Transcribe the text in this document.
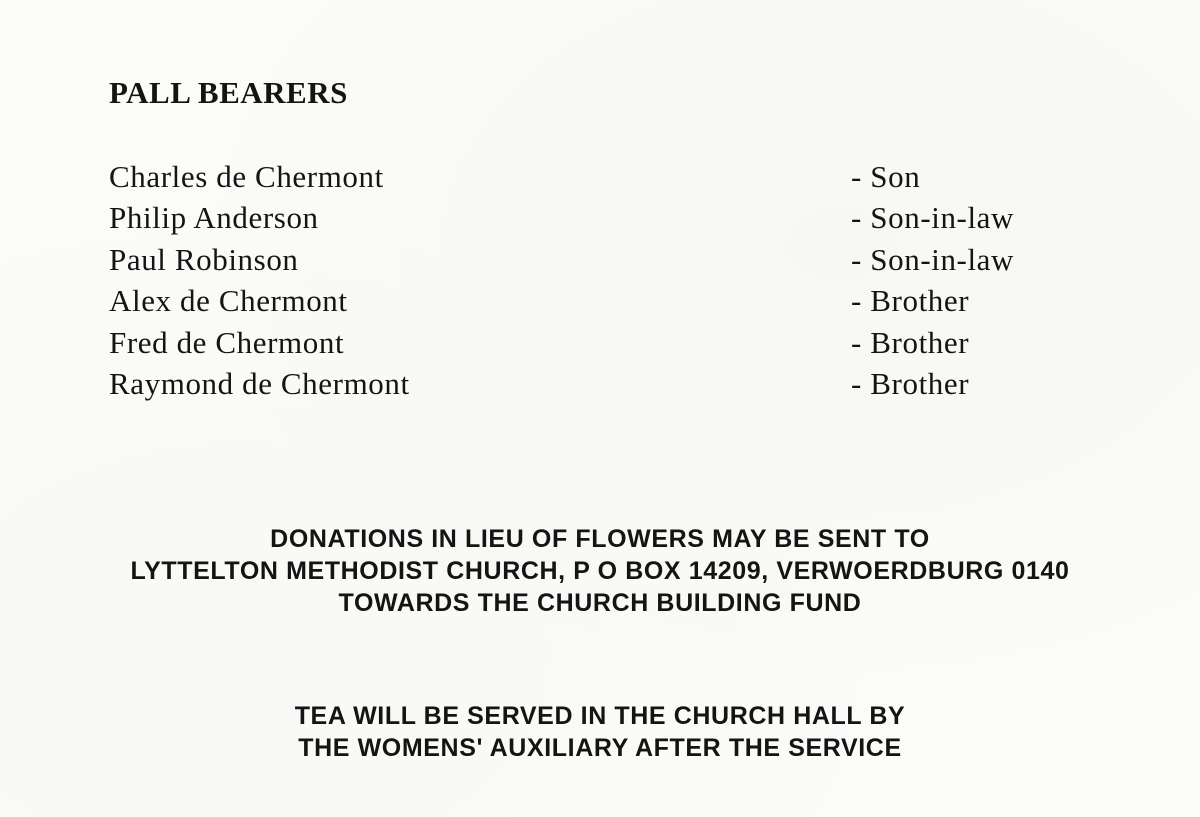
PALL BEARERS
Charles de Chermont	- Son
Philip Anderson	- Son-in-law
Paul Robinson	- Son-in-law
Alex de Chermont	- Brother
Fred de Chermont	- Brother
Raymond de Chermont	- Brother

DONATIONS IN LIEU OF FLOWERS MAY BE SENT TO
LYTTELTON METHODIST CHURCH, P O BOX 14209, VERWOERDBURG 0140
TOWARDS THE CHURCH BUILDING FUND

TEA WILL BE SERVED IN THE CHURCH HALL BY
THE WOMENS' AUXILIARY AFTER THE SERVICE
